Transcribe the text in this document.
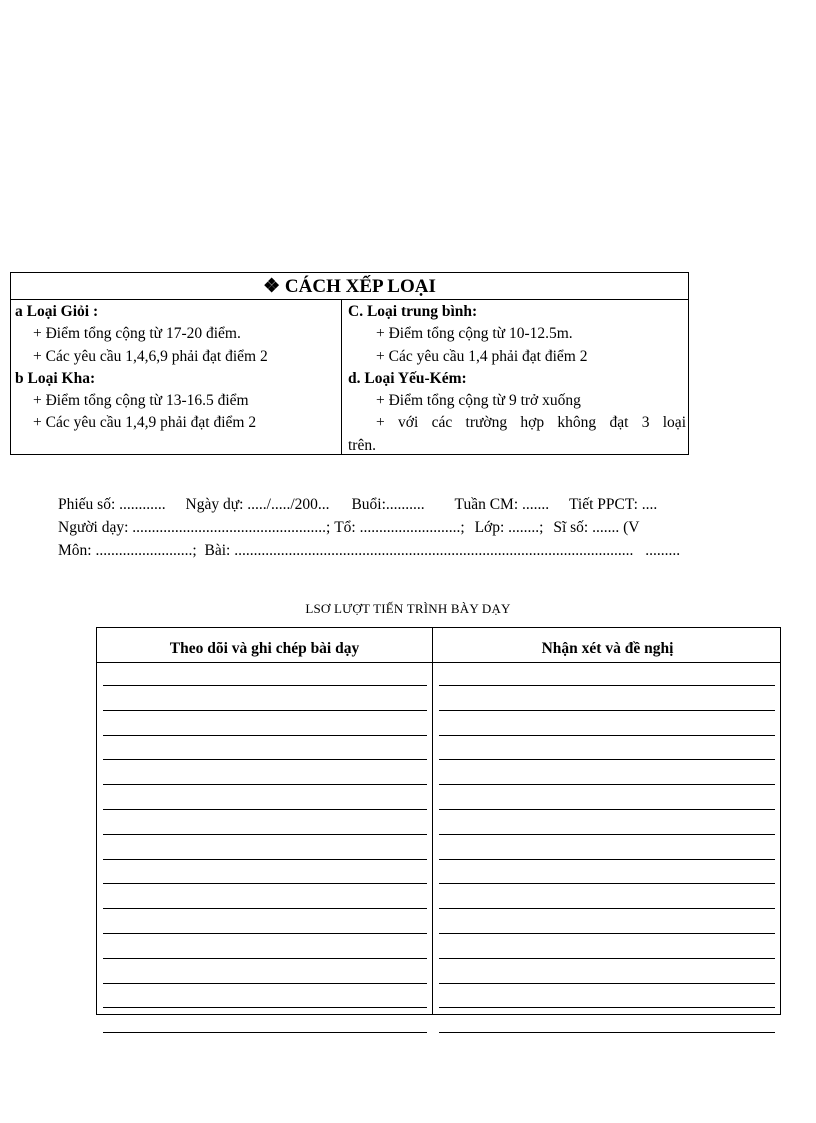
❖ CÁCH XẾP LOẠI
a Loại Giỏi :
+ Điểm tổng cộng từ 17-20 điểm.
+ Các yêu cầu 1,4,6,9 phải đạt điểm 2
b Loại Kha:
+ Điểm tổng cộng từ 13-16.5 điểm
+ Các yêu cầu 1,4,9 phải đạt điểm 2
C. Loại trung bình:
+ Điểm tổng cộng từ 10-12.5m.
+ Các yêu cầu 1,4 phải đạt điểm 2
d. Loại Yếu-Kém:
+ Điểm tổng cộng từ 9 trở xuống
+ với các trường hợp không đạt 3 loại
trên.
Phiếu số: ............ Ngày dự: ...../...../200... Buổi:.......... Tuần CM: ....... Tiết PPCT: ....
Người dạy: ..................................................; Tổ: ..........................; Lớp: ........; Sĩ số: ....... (V
Môn: .........................; Bài: ....................................................................................................... .........
LSƠ LƯỢT TIẾN TRÌNH BÀY DẠY
Theo dõi và ghi chép bài dạy	Nhận xét và đề nghị
